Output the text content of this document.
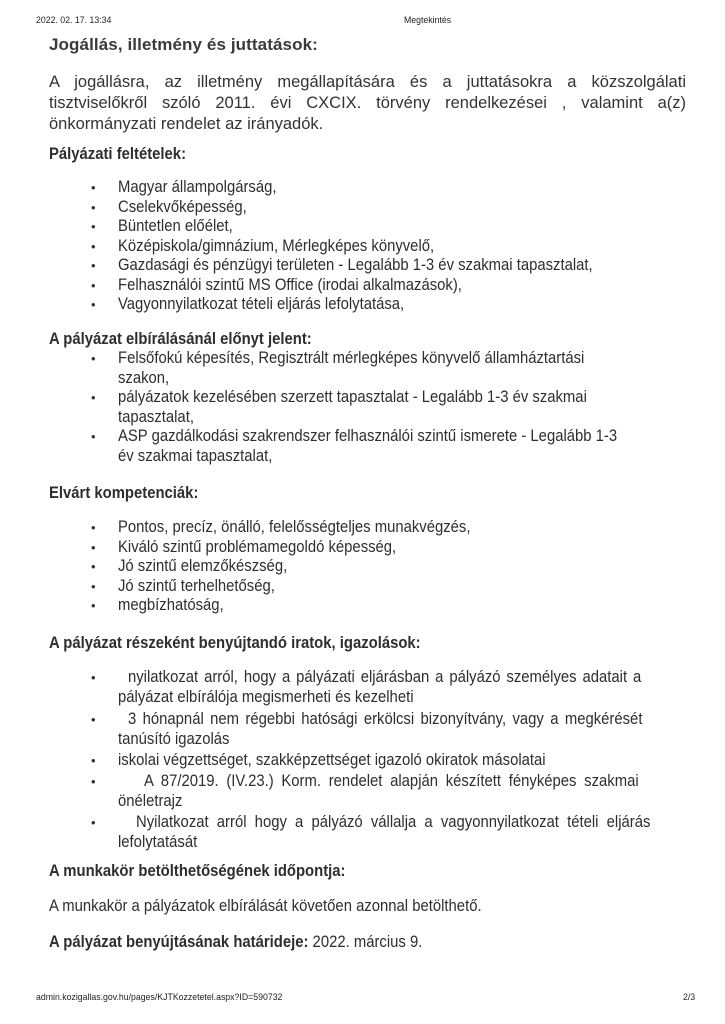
2022. 02. 17. 13:34	Megtekintés
Jogállás, illetmény és juttatások:
A jogállásra, az illetmény megállapítására és a juttatásokra a közszolgálati
tisztviselőkről szóló 2011. évi CXCIX. törvény rendelkezései , valamint a(z)
önkormányzati rendelet az irányadók.
Pályázati feltételek:
• Magyar állampolgárság,
• Cselekvőképesség,
• Büntetlen előélet,
• Középiskola/gimnázium, Mérlegképes könyvelő,
• Gazdasági és pénzügyi területen - Legalább 1-3 év szakmai tapasztalat,
• Felhasználói szintű MS Office (irodai alkalmazások),
• Vagyonnyilatkozat tételi eljárás lefolytatása,
A pályázat elbírálásánál előnyt jelent:
• Felsőfokú képesítés, Regisztrált mérlegképes könyvelő államháztartási
szakon,
• pályázatok kezelésében szerzett tapasztalat - Legalább 1-3 év szakmai
tapasztalat,
• ASP gazdálkodási szakrendszer felhasználói szintű ismerete - Legalább 1-3
év szakmai tapasztalat,
Elvárt kompetenciák:
• Pontos, precíz, önálló, felelősségteljes munakvégzés,
• Kiváló szintű problémamegoldó képesség,
• Jó szintű elemzőkészség,
• Jó szintű terhelhetőség,
• megbízhatóság,
A pályázat részeként benyújtandó iratok, igazolások:
• nyilatkozat arról, hogy a pályázati eljárásban a pályázó személyes adatait a
pályázat elbírálója megismerheti és kezelheti
• 3 hónapnál nem régebbi hatósági erkölcsi bizonyítvány, vagy a megkérését
tanúsító igazolás
• iskolai végzettséget, szakképzettséget igazoló okiratok másolatai
•	A 87/2019. (IV.23.) Korm. rendelet alapján készített fényképes szakmai
önéletrajz
• Nyilatkozat arról hogy a pályázó vállalja a vagyonnyilatkozat tételi eljárás
lefolytatását
A munkakör betölthetőségének időpontja:
A munkakör a pályázatok elbírálását követően azonnal betölthető.
A pályázat benyújtásának határideje: 2022. március 9.
admin.kozigallas.gov.hu/pages/KJTKozzetetel.aspx?ID=590732	2/3
